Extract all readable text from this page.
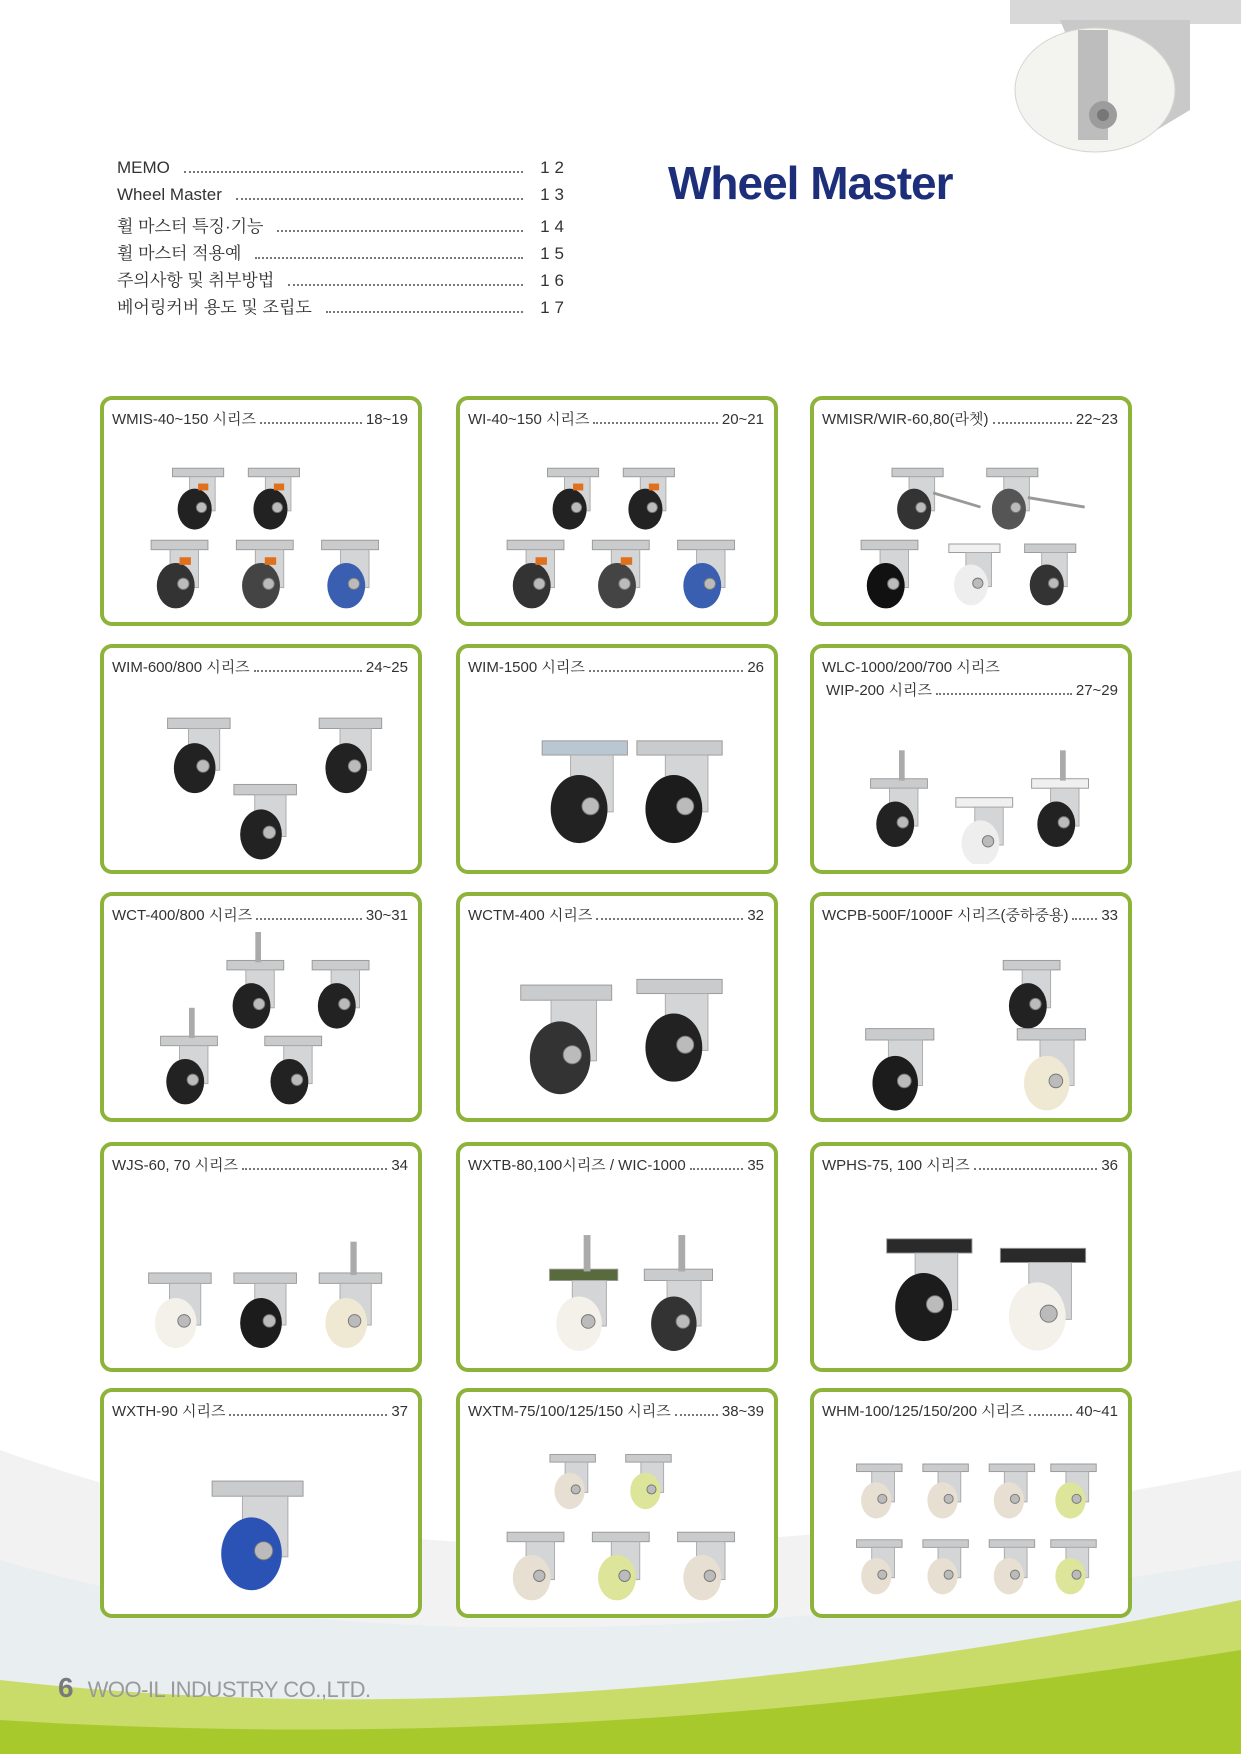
MEMO	12
Wheel Master	13
휠 마스터 특징·기능	14
휠 마스터 적용예	15
주의사항 및 취부방법	16
베어링커버 용도 및 조립도	17
Wheel Master
WMIS-40~150 시리즈	18~19	WI-40~150 시리즈	20~21	WMISR/WIR-60,80(라쳇)	22~23
WIM-600/800 시리즈	24~25	WIM-1500 시리즈	26	WLC-1000/200/700 시리즈
WIP-200 시리즈	27~29
WCT-400/800 시리즈	30~31	WCTM-400 시리즈	32	WCPB-500F/1000F 시리즈(중하중용) 33
WJS-60, 70 시리즈	34	WXTB-80,100시리즈 / WIC-1000	35	WPHS-75, 100 시리즈	36
WXTH-90 시리즈	37	WXTM-75/100/125/150 시리즈	38~39	WHM-100/125/150/200 시리즈	40~41
6 WOO-IL INDUSTRY CO.,LTD.
